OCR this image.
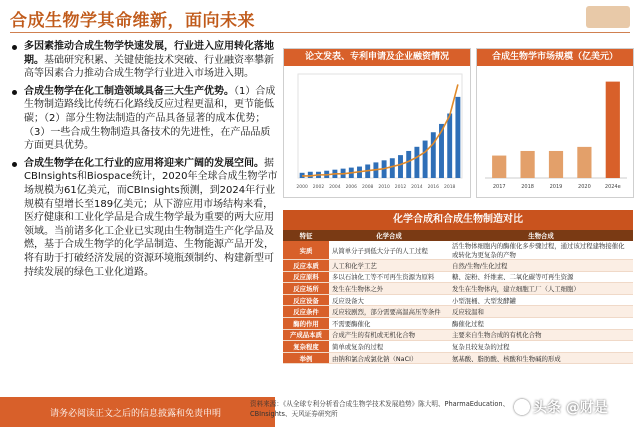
合成生物学其命维新，面向未来
多因素推动合成生物学快速发展，行业进入应用转化落地期。基础研究积累、关键使能技术突破、行业融资率攀新高等因素合力推动合成生物学行业进入市场进入期。
合成生物学在化工制造领域具备三大生产优势。（1）合成生物制造路线比传统石化路线反应过程更温和，更节能低碳；（2）部分生物法制造的产品具备显著的成本优势；（3）一些合成生物制造具备技术的先进性，在产品品质方面更具优势。
合成生物学在化工行业的应用将迎来广阔的发展空间。据CBInsights和Biospace统计，2020年全球合成生物学市场规模为61亿美元，而CBInsights预测，到2024年行业规模有望增长至189亿美元；从下游应用市场结构来看，医疗健康和工业化学品是合成生物学最为重要的两大应用领域。当前诸多化工企业已实现由生物制造生产化学品及燃，基于合成生物学的化学品制造、生物能源产品开发，将有助于打破经济发展的资源环境瓶颈制约、构建新型可持续发展的绿色工业化道路。
论文发表、专利申请及企业融资情况
2000 2002 2004 2006 2008 2010 2012 2014 2016 2018
合成生物学市场规模（亿美元）
2017	2018	2019	2020	2024e
化学合成和合成生物制造对比
特征	化学合成	生物合成
实质	从简单分子到低大分子的人工过程	活生物体细胞内的酶催化多步骤过程，通过该过程建物接催化或转化为更复杂的产物
反应本质	人工和化学工艺	自然/生物/生化过程
反应原料	多以石油化工等不可再生资源为原料	糖、淀粉、纤维素、二氧化碳等可再生资源
反应场所	发生在生物体之外	发生在生物体内，建立细胞工厂（人工细胞）
反应设备	反应设备大	小型混桶、大型发酵罐
反应条件	反应较剧烈，部分需要高温高压等条件	反应较温和
酶的作用	不需要酶催化	酶催化过程
产成品本质	合成产生的有机或无机化合物	主要来自生物合成的有机化合物
复杂程度	简单或复杂的过程	复杂且较复杂的过程
举例	由钠和氯合成氯化钠（NaCl）	氨基酸、脂肪酸、核酸和生物碱的形成
请务必阅读正文之后的信息披露和免责申明
资料来源：《从全球专利分析看合成生物学技术发展趋势》陈大明、PharmaEducation、CBInsights、天风证券研究所	头条 @财是
